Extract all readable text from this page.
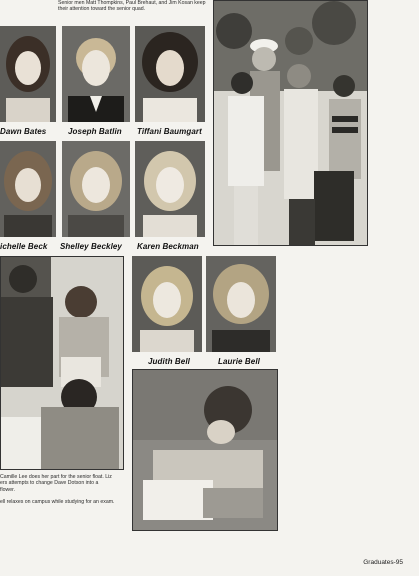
Senior men Matt Thompkins, Paul Brehaut, and Jim Kosan keep their attention toward the senior quad.
Dawn Bates	Joseph Batlin Tiffani Baumgart
ichelle Beck Shelley Beckley Karen Beckman
Judith Bell	Laurie Bell
Camille Lee does her part for the senior float. Liz
ers attempts to change Dave Dotson into a
flower.
ell relaxes on campus while studying for an exam.
Graduates-95
